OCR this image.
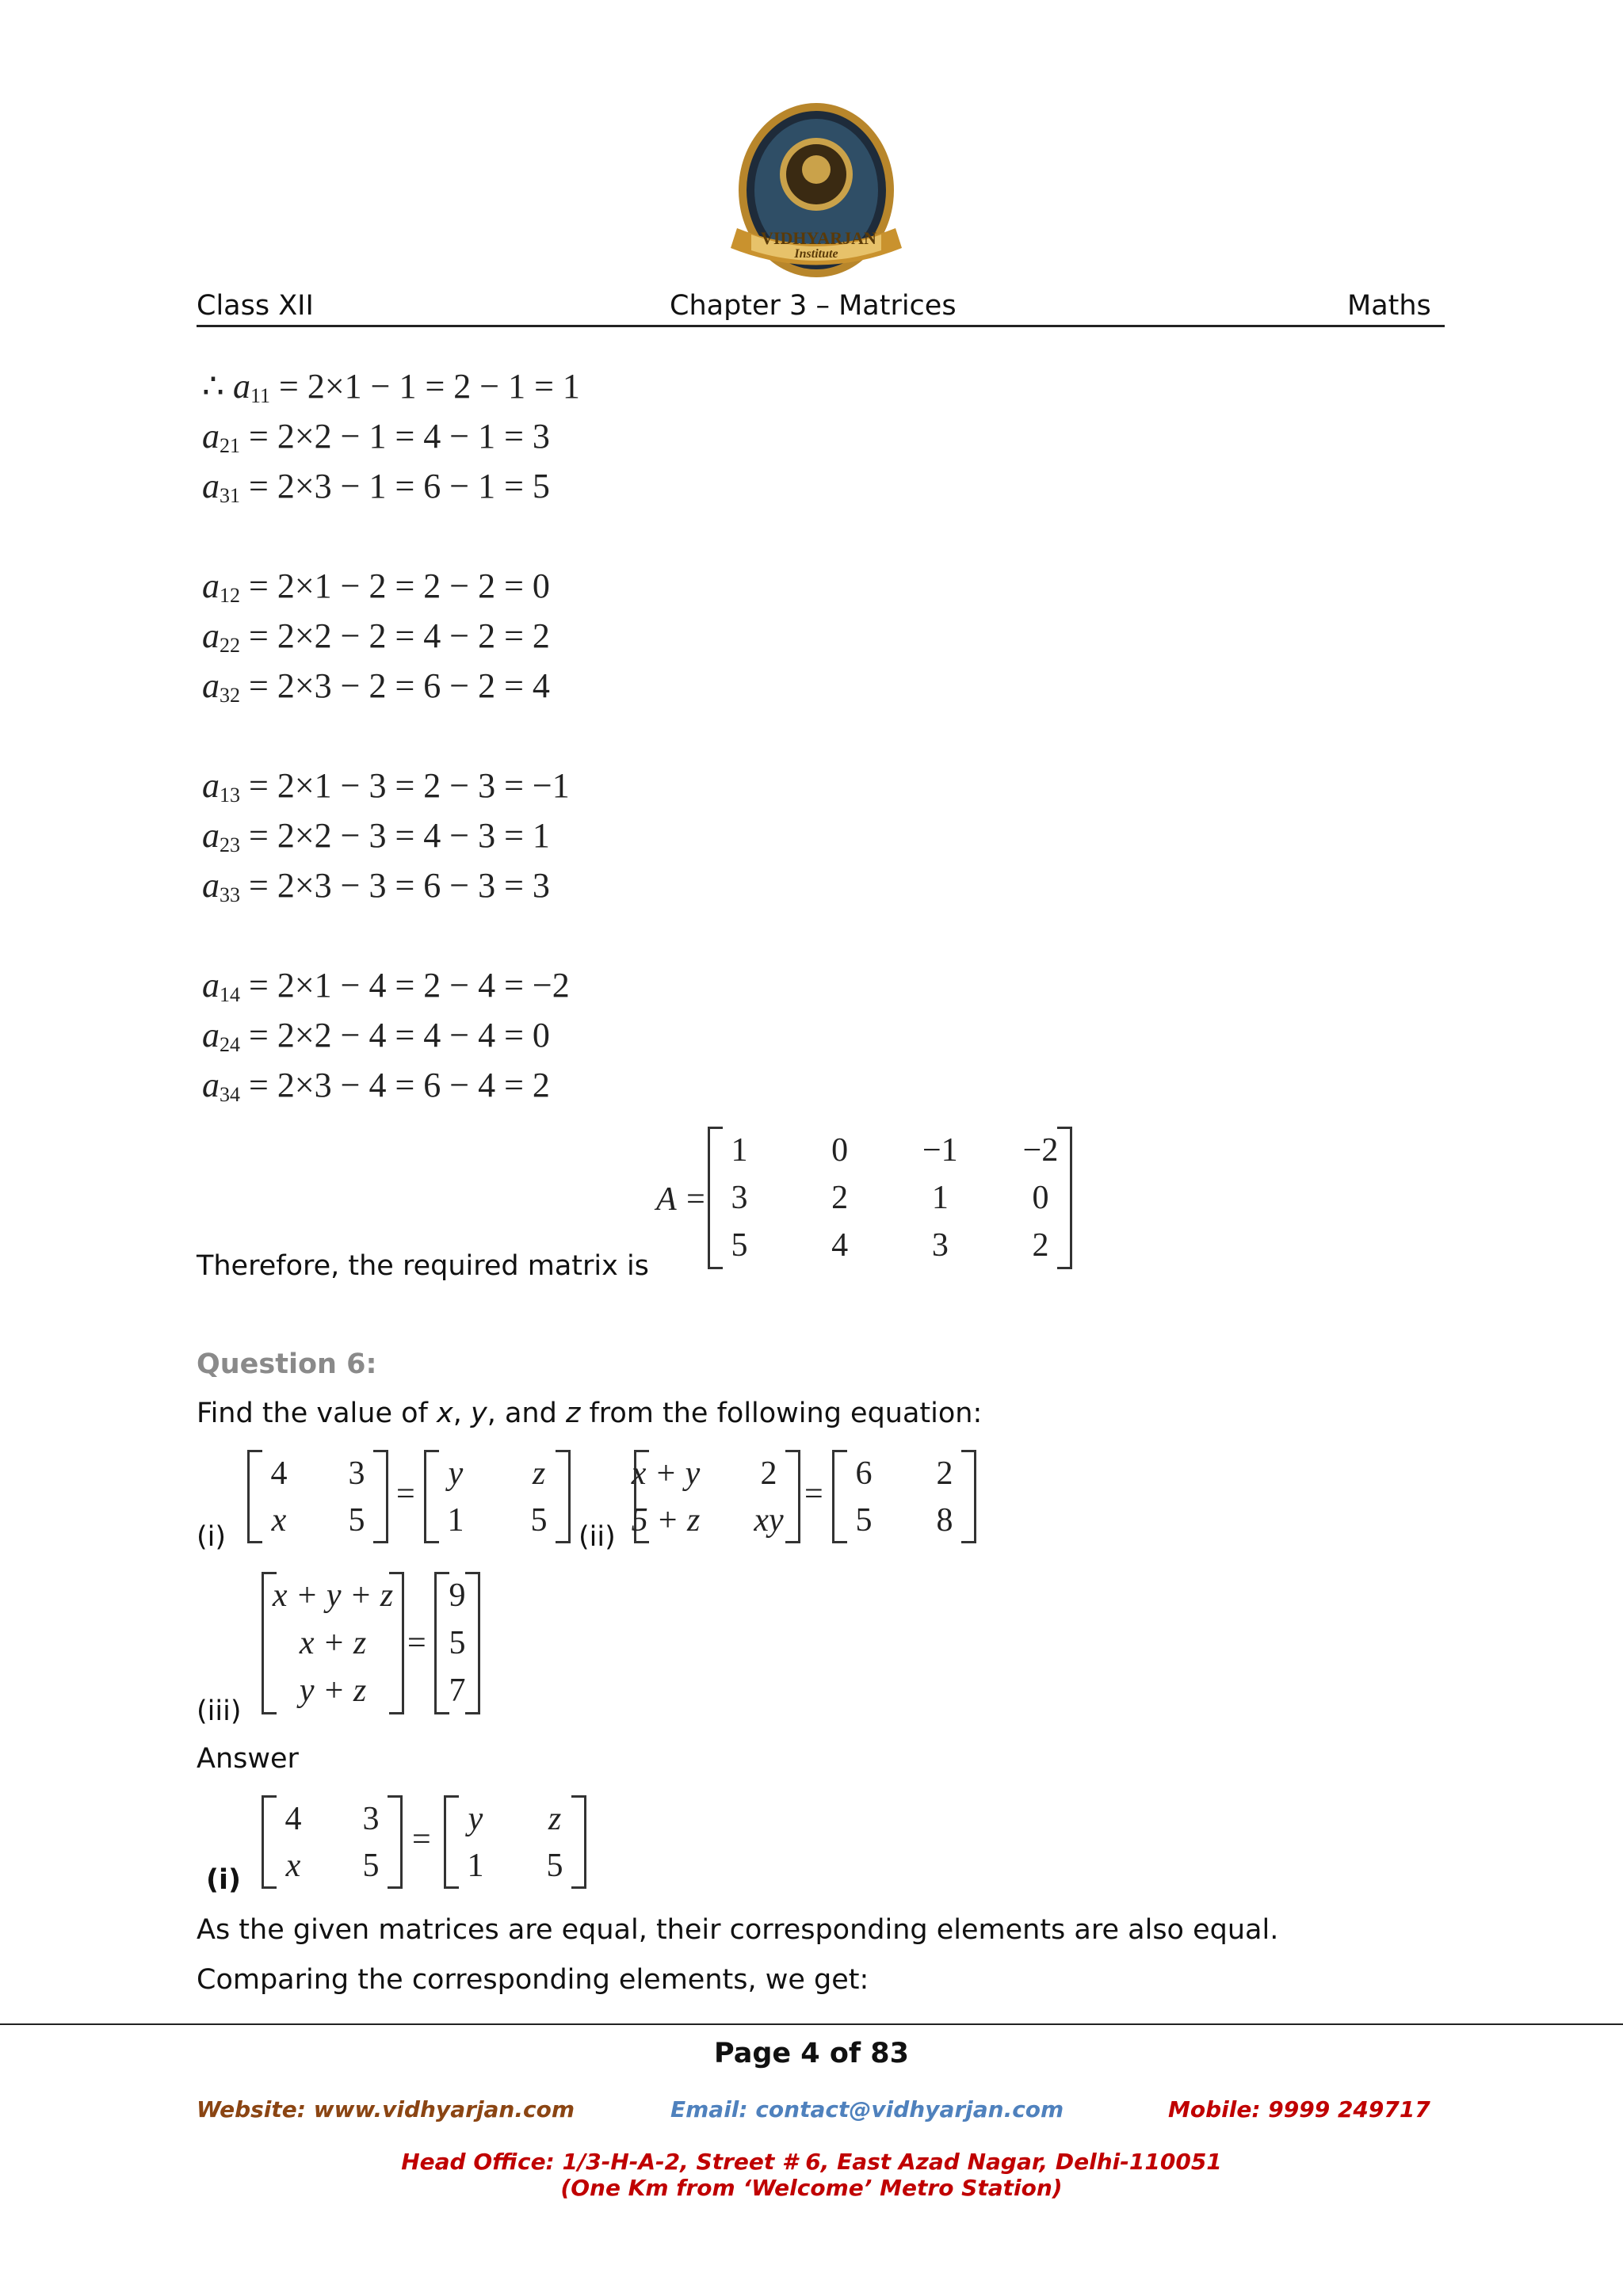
VIDHYARJAN
Institute
Class XII	Chapter 3 – Matrices	Maths
∴ $a_{11} = 2\times 1 - 1 = 2 - 1 = 1$
$a_{21} = 2\times 2 - 1 = 4 - 1 = 3$
$a_{31} = 2\times 3 - 1 = 6 - 1 = 5$
$a_{12} = 2\times 1 - 2 = 2 - 2 = 0$
$a_{22} = 2\times 2 - 2 = 4 - 2 = 2$
$a_{32} = 2\times 3 - 2 = 6 - 2 = 4$
$a_{13} = 2\times 1 - 3 = 2 - 3 = -1$
$a_{23} = 2\times 2 - 3 = 4 - 3 = 1$
$a_{33} = 2\times 3 - 3 = 6 - 3 = 3$
$a_{14} = 2\times 1 - 4 = 2 - 4 = -2$
$a_{24} = 2\times 2 - 4 = 4 - 4 = 0$
$a_{34} = 2\times 3 - 4 = 6 - 4 = 2$
Therefore, the required matrix is
A =
1	0 −1 −2
3	2	1	0
5	4	3	2
Question 6:
Find the value of x, y, and z from the following equation:
(i)
4 3
x 5
=
y z
1 5 (ii)
x + y 2
5 + z xy
=
6 2
5 8
(iii)
x + y + z
x + z
y + z
=
9
5
7
Answer
(i)
4 3
x 5
=
y z
1 5
As the given matrices are equal, their corresponding elements are also equal.
Comparing the corresponding elements, we get:
Page 4 of 83
Website: www.vidhyarjan.com	Email: contact@vidhyarjan.com	Mobile: 9999 249717
Head Office: 1/3-H-A-2, Street # 6, East Azad Nagar, Delhi-110051
(One Km from ‘Welcome’ Metro Station)
